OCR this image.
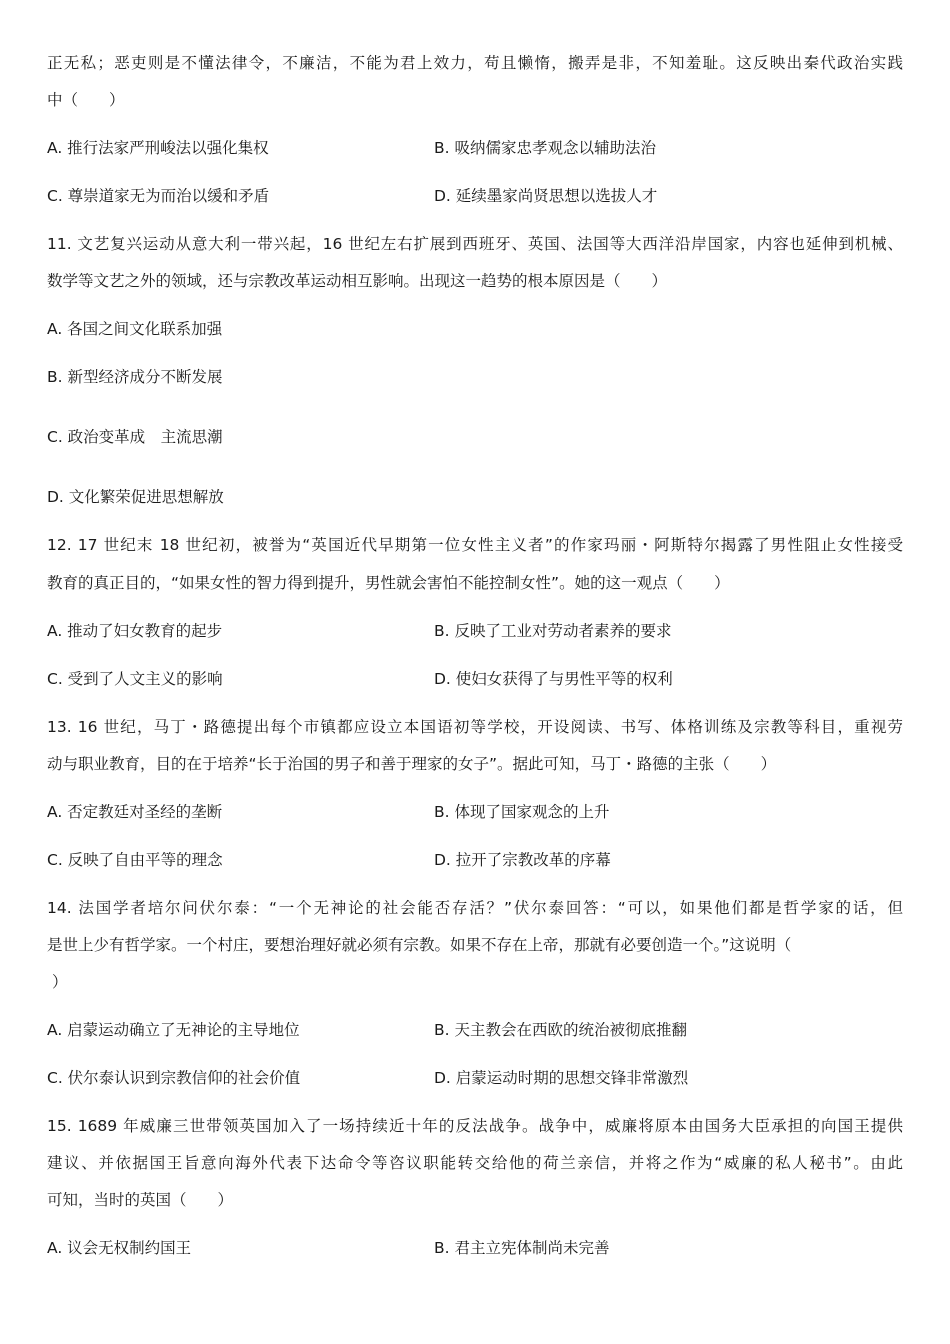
正无私；恶吏则是不懂法律令，不廉洁，不能为君上效力，苟且懒惰，搬弄是非，不知羞耻。这反映出秦代政治实践
中（　　）
A. 推行法家严刑峻法以强化集权	B. 吸纳儒家忠孝观念以辅助法治
C. 尊崇道家无为而治以缓和矛盾	D. 延续墨家尚贤思想以选拔人才
11. 文艺复兴运动从意大利一带兴起，16 世纪左右扩展到西班牙、英国、法国等大西洋沿岸国家，内容也延伸到机械、
数学等文艺之外的领域，还与宗教改革运动相互影响。出现这一趋势的根本原因是（　　）
A. 各国之间文化联系加强
B. 新型经济成分不断发展
C. 政治变革成　主流思潮
D. 文化繁荣促进思想解放
12. 17 世纪末 18 世纪初，被誉为“英国近代早期第一位女性主义者”的作家玛丽・阿斯特尔揭露了男性阻止女性接受
教育的真正目的，“如果女性的智力得到提升，男性就会害怕不能控制女性”。她的这一观点（　　）
A. 推动了妇女教育的起步	B. 反映了工业对劳动者素养的要求
C. 受到了人文主义的影响	D. 使妇女获得了与男性平等的权利
13. 16 世纪，马丁・路德提出每个市镇都应设立本国语初等学校，开设阅读、书写、体格训练及宗教等科目，重视劳
动与职业教育，目的在于培养“长于治国的男子和善于理家的女子”。据此可知，马丁・路德的主张（　　）
A. 否定教廷对圣经的垄断	B. 体现了国家观念的上升
C. 反映了自由平等的理念	D. 拉开了宗教改革的序幕
14. 法国学者培尔问伏尔泰：“一个无神论的社会能否存活？”伏尔泰回答：“可以，如果他们都是哲学家的话，但
是世上少有哲学家。一个村庄，要想治理好就必须有宗教。如果不存在上帝，那就有必要创造一个。”这说明（
）
A. 启蒙运动确立了无神论的主导地位	B. 天主教会在西欧的统治被彻底推翻
C. 伏尔泰认识到宗教信仰的社会价值	D. 启蒙运动时期的思想交锋非常激烈
15. 1689 年威廉三世带领英国加入了一场持续近十年的反法战争。战争中，威廉将原本由国务大臣承担的向国王提供
建议、并依据国王旨意向海外代表下达命令等咨议职能转交给他的荷兰亲信，并将之作为“威廉的私人秘书”。由此
可知，当时的英国（　　）
A. 议会无权制约国王	B. 君主立宪体制尚未完善
